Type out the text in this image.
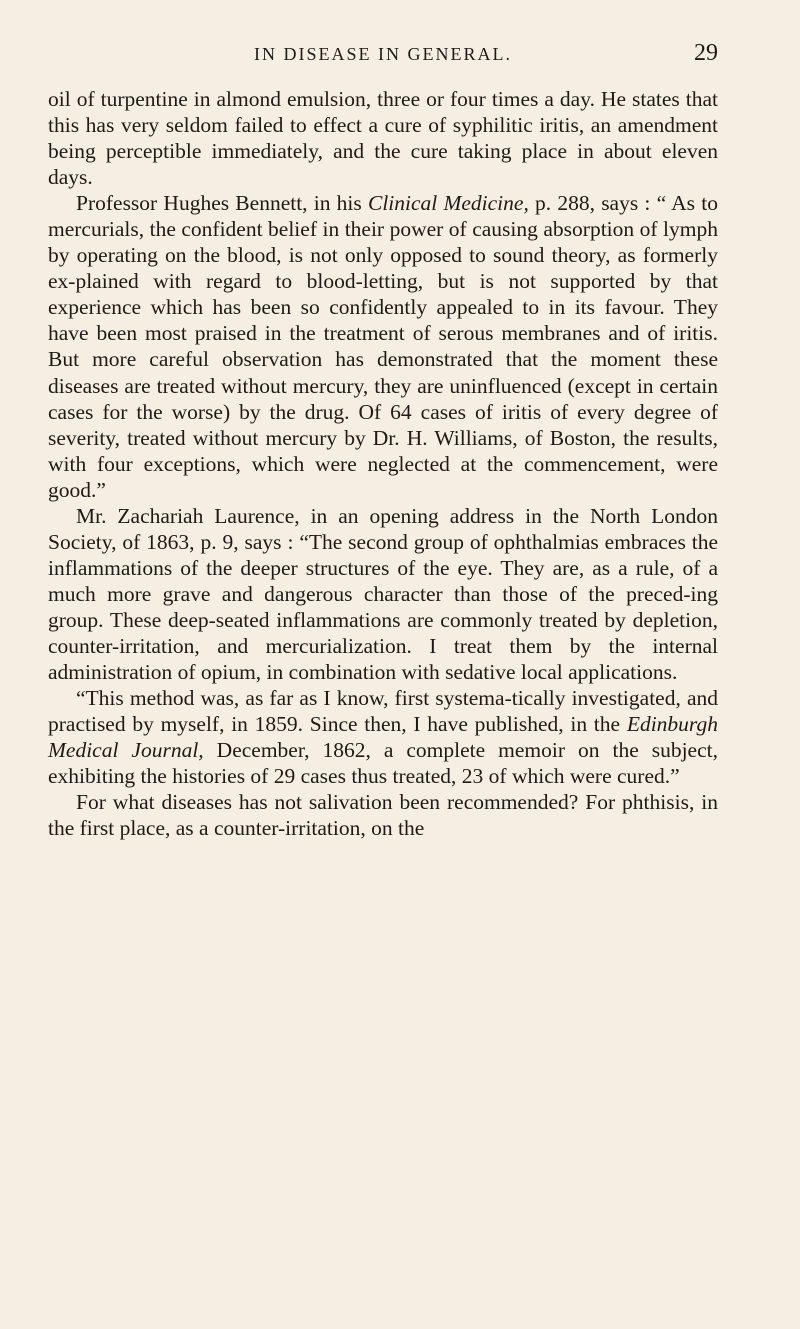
IN DISEASE IN GENERAL.	29

oil of turpentine in almond emulsion, three or four times a day. He states that this has very seldom failed to effect a cure of syphilitic iritis, an amendment being perceptible immediately, and the cure taking place in about eleven days.

Professor Hughes Bennett, in his Clinical Medicine, p. 288, says : “ As to mercurials, the confident belief in their power of causing absorption of lymph by operating on the blood, is not only opposed to sound theory, as formerly ex-plained with regard to blood-letting, but is not supported by that experience which has been so confidently appealed to in its favour. They have been most praised in the treatment of serous membranes and of iritis. But more careful observation has demonstrated that the moment these diseases are treated without mercury, they are uninfluenced (except in certain cases for the worse) by the drug. Of 64 cases of iritis of every degree of severity, treated without mercury by Dr. H. Williams, of Boston, the results, with four exceptions, which were neglected at the commencement, were good.”

Mr. Zachariah Laurence, in an opening address in the North London Society, of 1863, p. 9, says : “The second group of ophthalmias embraces the inflammations of the deeper structures of the eye. They are, as a rule, of a much more grave and dangerous character than those of the preced-ing group. These deep-seated inflammations are commonly treated by depletion, counter-irritation, and mercurialization. I treat them by the internal administration of opium, in combination with sedative local applications.

“This method was, as far as I know, first systema-tically investigated, and practised by myself, in 1859. Since then, I have published, in the Edinburgh Medical Journal, December, 1862, a complete memoir on the subject, exhibiting the histories of 29 cases thus treated, 23 of which were cured.”

For what diseases has not salivation been recommended? For phthisis, in the first place, as a counter-irritation, on the
